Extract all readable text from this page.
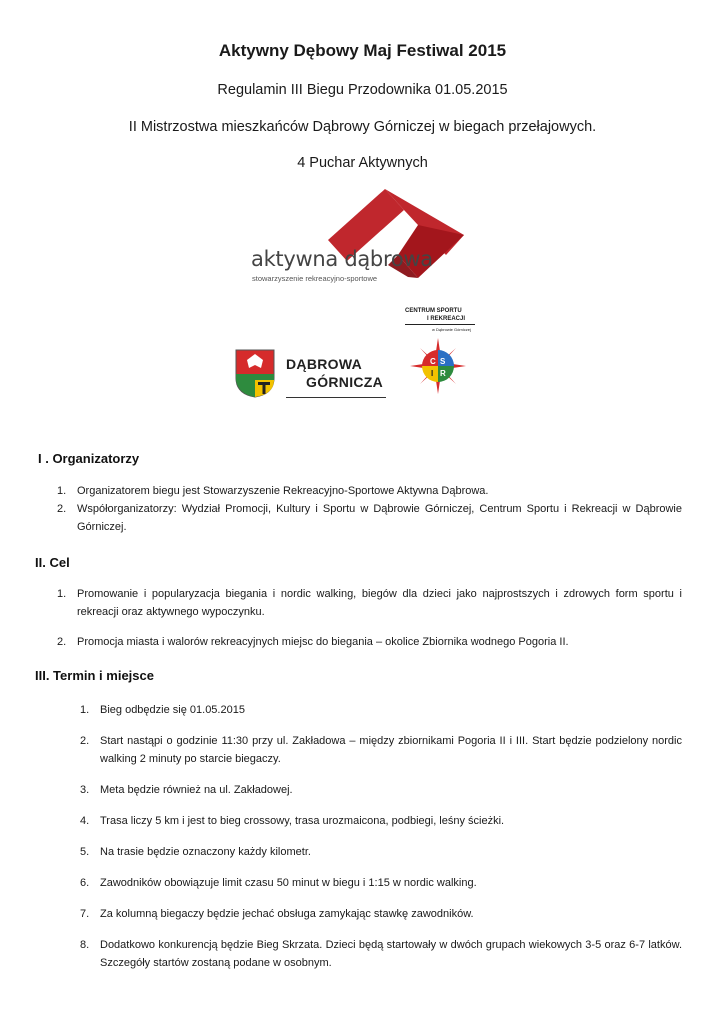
Aktywny Dębowy Maj Festiwal 2015
Regulamin III Biegu Przodownika 01.05.2015
II Mistrzostwa mieszkańców Dąbrowy Górniczej w biegach przełajowych.
4 Puchar Aktywnych
aktywna dąbrowa
stowarzyszenie rekreacyjno-sportowe
DĄBROWA
GÓRNICZA
CENTRUM SPORTU
I REKREACJI
w Dąbrowie Górniczej
C S
I R
I . Organizatorzy
1. Organizatorem biegu jest Stowarzyszenie Rekreacyjno-Sportowe Aktywna Dąbrowa.
2. Współorganizatorzy: Wydział Promocji, Kultury i Sportu w Dąbrowie Górniczej, Centrum Sportu i Rekreacji w Dąbrowie Górniczej.
II. Cel
1. Promowanie i popularyzacja biegania i nordic walking, biegów dla dzieci jako najprostszych i zdrowych form sportu i rekreacji oraz aktywnego wypoczynku.
2. Promocja miasta i walorów rekreacyjnych miejsc do biegania – okolice Zbiornika wodnego Pogoria II.
III. Termin i miejsce
1. Bieg odbędzie się 01.05.2015
2. Start nastąpi o godzinie 11:30 przy ul. Zakładowa – między zbiornikami Pogoria II i III. Start będzie podzielony nordic walking 2 minuty po starcie biegaczy.
3. Meta będzie również na ul. Zakładowej.
4. Trasa liczy 5 km i jest to bieg crossowy, trasa urozmaicona, podbiegi, leśny ścieżki.
5. Na trasie będzie oznaczony każdy kilometr.
6. Zawodników obowiązuje limit czasu 50 minut w biegu i 1:15 w nordic walking.
7. Za kolumną biegaczy będzie jechać obsługa zamykając stawkę zawodników.
8. Dodatkowo konkurencją będzie Bieg Skrzata. Dzieci będą startowały w dwóch grupach wiekowych 3-5 oraz 6-7 latków. Szczegóły startów zostaną podane w osobnym.
